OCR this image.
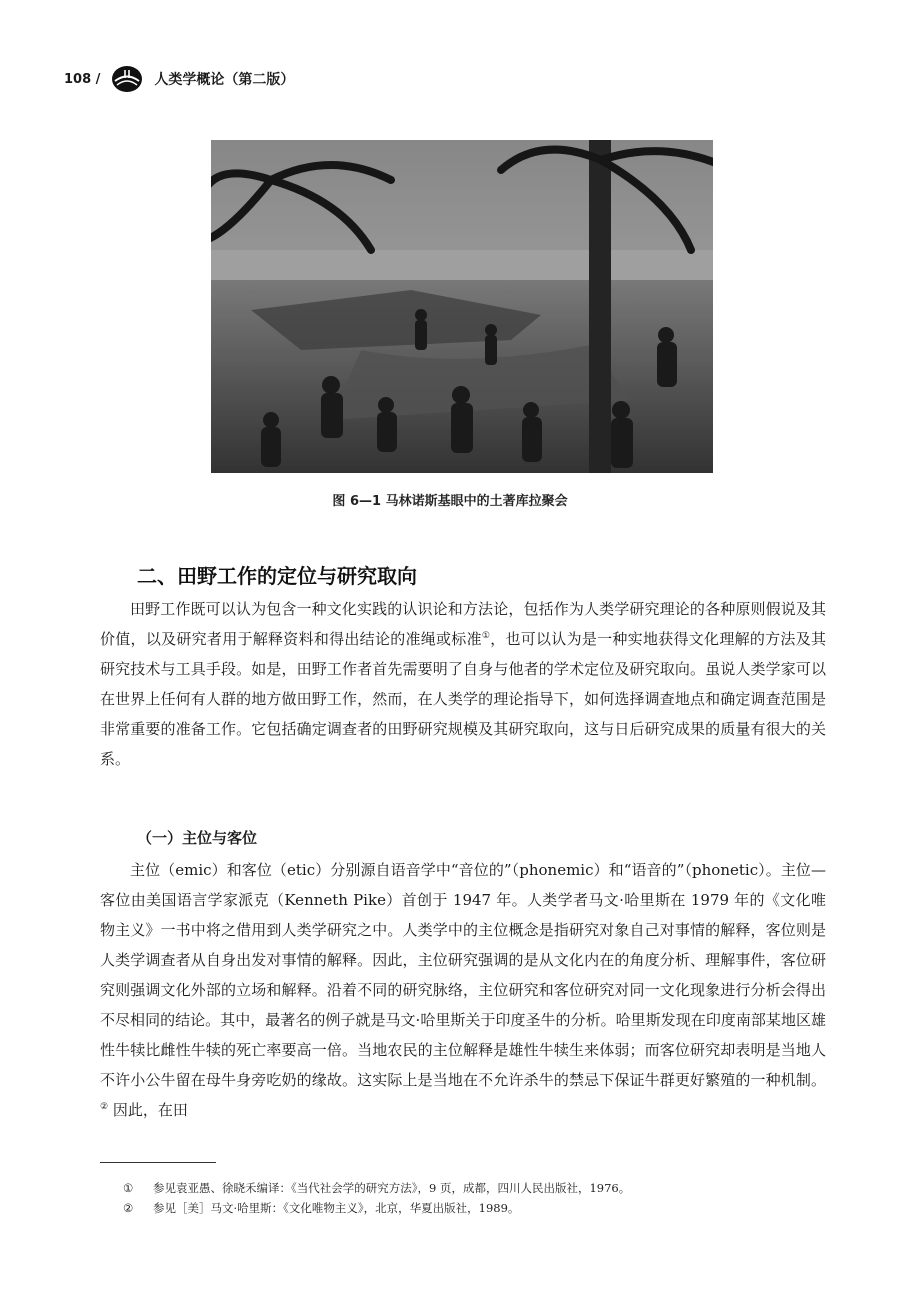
108 /	人类学概论（第二版）
图 6—1 马林诺斯基眼中的土著库拉聚会
二、田野工作的定位与研究取向
田野工作既可以认为包含一种文化实践的认识论和方法论，包括作为人类学研究理论的各种原则假说及其价值，以及研究者用于解释资料和得出结论的准绳或标准①，也可以认为是一种实地获得文化理解的方法及其研究技术与工具手段。如是，田野工作者首先需要明了自身与他者的学术定位及研究取向。虽说人类学家可以在世界上任何有人群的地方做田野工作，然而，在人类学的理论指导下，如何选择调查地点和确定调查范围是非常重要的准备工作。它包括确定调查者的田野研究规模及其研究取向，这与日后研究成果的质量有很大的关系。
（一）主位与客位
主位（emic）和客位（etic）分别源自语音学中“音位的”（phonemic）和“语音的”（phonetic）。主位—客位由美国语言学家派克（Kenneth Pike）首创于 1947 年。人类学者马文·哈里斯在 1979 年的《文化唯物主义》一书中将之借用到人类学研究之中。人类学中的主位概念是指研究对象自己对事情的解释，客位则是人类学调查者从自身出发对事情的解释。因此，主位研究强调的是从文化内在的角度分析、理解事件，客位研究则强调文化外部的立场和解释。沿着不同的研究脉络，主位研究和客位研究对同一文化现象进行分析会得出不尽相同的结论。其中，最著名的例子就是马文·哈里斯关于印度圣牛的分析。哈里斯发现在印度南部某地区雄性牛犊比雌性牛犊的死亡率要高一倍。当地农民的主位解释是雄性牛犊生来体弱；而客位研究却表明是当地人不许小公牛留在母牛身旁吃奶的缘故。这实际上是当地在不允许杀牛的禁忌下保证牛群更好繁殖的一种机制。② 因此，在田
① 参见袁亚愚、徐晓禾编译：《当代社会学的研究方法》，9 页，成都，四川人民出版社，1976。
② 参见［美］马文·哈里斯：《文化唯物主义》，北京，华夏出版社，1989。
